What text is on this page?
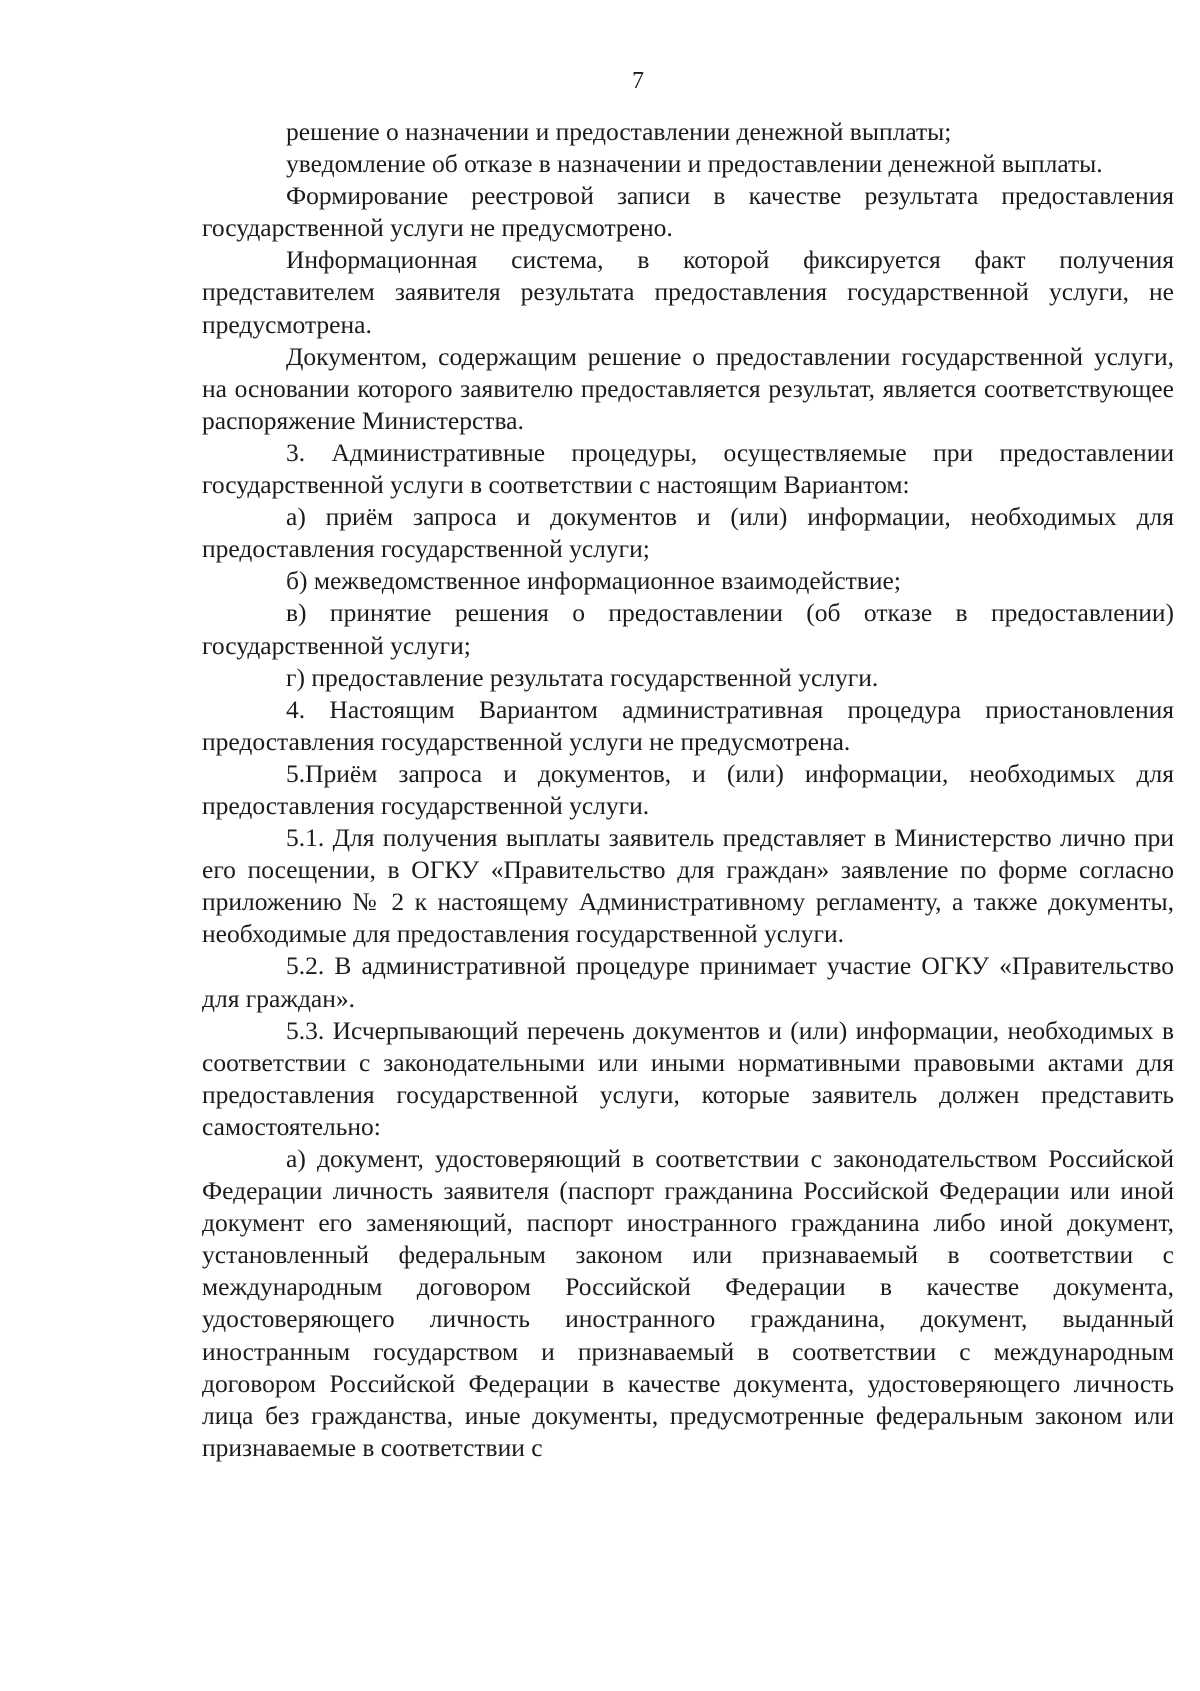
7

решение о назначении и предоставлении денежной выплаты;

уведомление об отказе в назначении и предоставлении денежной выплаты.

Формирование реестровой записи в качестве результата предоставления государственной услуги не предусмотрено.

Информационная система, в которой фиксируется факт получения представителем заявителя результата предоставления государственной услуги, не предусмотрена.

Документом, содержащим решение о предоставлении государственной услуги, на основании которого заявителю предоставляется результат, является соответствующее распоряжение Министерства.

3. Административные процедуры, осуществляемые при предоставлении государственной услуги в соответствии с настоящим Вариантом:

а) приём запроса и документов и (или) информации, необходимых для предоставления государственной услуги;

б) межведомственное информационное взаимодействие;

в) принятие решения о предоставлении (об отказе в предоставлении) государственной услуги;

г) предоставление результата государственной услуги.

4. Настоящим Вариантом административная процедура приостановления предоставления государственной услуги не предусмотрена.

5.Приём запроса и документов, и (или) информации, необходимых для предоставления государственной услуги.

5.1. Для получения выплаты заявитель представляет в Министерство лично при его посещении, в ОГКУ «Правительство для граждан» заявление по форме согласно приложению № 2 к настоящему Административному регламенту, а также документы, необходимые для предоставления государственной услуги.

5.2. В административной процедуре принимает участие ОГКУ «Правительство для граждан».

5.3. Исчерпывающий перечень документов и (или) информации, необходимых в соответствии с законодательными или иными нормативными правовыми актами для предоставления государственной услуги, которые заявитель должен представить самостоятельно:

а) документ, удостоверяющий в соответствии с законодательством Российской Федерации личность заявителя (паспорт гражданина Российской Федерации или иной документ его заменяющий, паспорт иностранного гражданина либо иной документ, установленный федеральным законом или признаваемый в соответствии с международным договором Российской Федерации в качестве документа, удостоверяющего личность иностранного гражданина, документ, выданный иностранным государством и признаваемый в соответствии с международным договором Российской Федерации в качестве документа, удостоверяющего личность лица без гражданства, иные документы, предусмотренные федеральным законом или признаваемые в соответствии с
